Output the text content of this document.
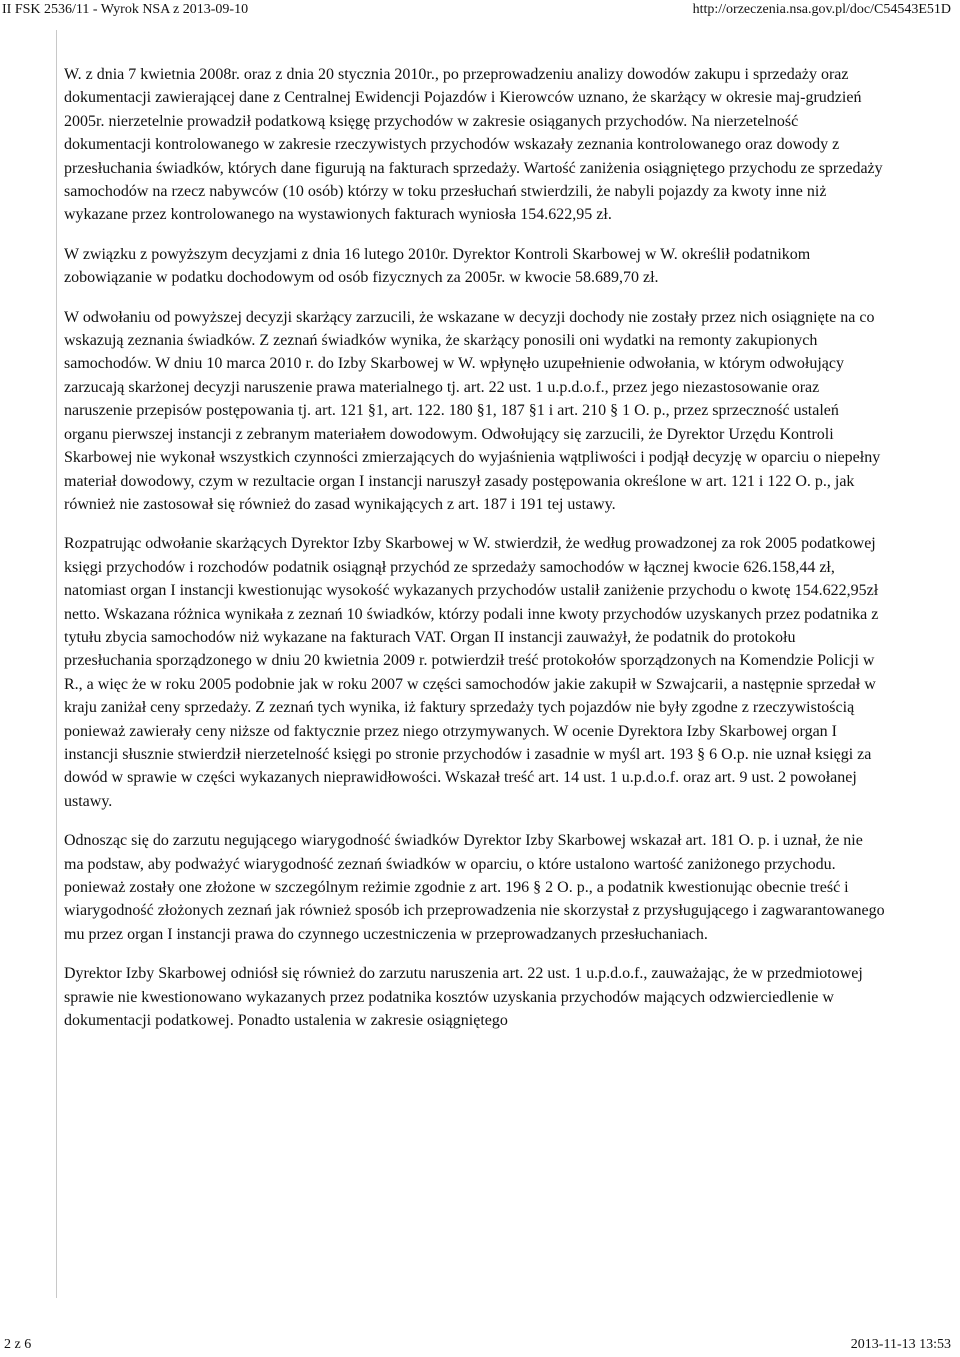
II FSK 2536/11 - Wyrok NSA z 2013-09-10	http://orzeczenia.nsa.gov.pl/doc/C54543E51D

W. z dnia 7 kwietnia 2008r. oraz z dnia 20 stycznia 2010r., po przeprowadzeniu analizy dowodów zakupu i sprzedaży oraz dokumentacji zawierającej dane z Centralnej Ewidencji Pojazdów i Kierowców uznano, że skarżący w okresie maj-grudzień 2005r. nierzetelnie prowadził podatkową księgę przychodów w zakresie osiąganych przychodów. Na nierzetelność dokumentacji kontrolowanego w zakresie rzeczywistych przychodów wskazały zeznania kontrolowanego oraz dowody z przesłuchania świadków, których dane figurują na fakturach sprzedaży. Wartość zaniżenia osiągniętego przychodu ze sprzedaży samochodów na rzecz nabywców (10 osób) którzy w toku przesłuchań stwierdzili, że nabyli pojazdy za kwoty inne niż wykazane przez kontrolowanego na wystawionych fakturach wyniosła 154.622,95 zł.

W związku z powyższym decyzjami z dnia 16 lutego 2010r. Dyrektor Kontroli Skarbowej w W. określił podatnikom zobowiązanie w podatku dochodowym od osób fizycznych za 2005r. w kwocie 58.689,70 zł.

W odwołaniu od powyższej decyzji skarżący zarzucili, że wskazane w decyzji dochody nie zostały przez nich osiągnięte na co wskazują zeznania świadków. Z zeznań świadków wynika, że skarżący ponosili oni wydatki na remonty zakupionych samochodów. W dniu 10 marca 2010 r. do Izby Skarbowej w W. wpłynęło uzupełnienie odwołania, w którym odwołujący zarzucają skarżonej decyzji naruszenie prawa materialnego tj. art. 22 ust. 1 u.p.d.o.f., przez jego niezastosowanie oraz naruszenie przepisów postępowania tj. art. 121 §1, art. 122. 180 §1, 187 §1 i art. 210 § 1 O. p., przez sprzeczność ustaleń organu pierwszej instancji z zebranym materiałem dowodowym. Odwołujący się zarzucili, że Dyrektor Urzędu Kontroli Skarbowej nie wykonał wszystkich czynności zmierzających do wyjaśnienia wątpliwości i podjął decyzję w oparciu o niepełny materiał dowodowy, czym w rezultacie organ I instancji naruszył zasady postępowania określone w art. 121 i 122 O. p., jak również nie zastosował się również do zasad wynikających z art. 187 i 191 tej ustawy.

Rozpatrując odwołanie skarżących Dyrektor Izby Skarbowej w W. stwierdził, że według prowadzonej za rok 2005 podatkowej księgi przychodów i rozchodów podatnik osiągnął przychód ze sprzedaży samochodów w łącznej kwocie 626.158,44 zł, natomiast organ I instancji kwestionując wysokość wykazanych przychodów ustalił zaniżenie przychodu o kwotę 154.622,95zł netto. Wskazana różnica wynikała z zeznań 10 świadków, którzy podali inne kwoty przychodów uzyskanych przez podatnika z tytułu zbycia samochodów niż wykazane na fakturach VAT. Organ II instancji zauważył, że podatnik do protokołu przesłuchania sporządzonego w dniu 20 kwietnia 2009 r. potwierdził treść protokołów sporządzonych na Komendzie Policji w R., a więc że w roku 2005 podobnie jak w roku 2007 w części samochodów jakie zakupił w Szwajcarii, a następnie sprzedał w kraju zaniżał ceny sprzedaży. Z zeznań tych wynika, iż faktury sprzedaży tych pojazdów nie były zgodne z rzeczywistością ponieważ zawierały ceny niższe od faktycznie przez niego otrzymywanych. W ocenie Dyrektora Izby Skarbowej organ I instancji słusznie stwierdził nierzetelność księgi po stronie przychodów i zasadnie w myśl art. 193 § 6 O.p. nie uznał księgi za dowód w sprawie w części wykazanych nieprawidłowości. Wskazał treść art. 14 ust. 1 u.p.d.o.f. oraz art. 9 ust. 2 powołanej ustawy.

Odnosząc się do zarzutu negującego wiarygodność świadków Dyrektor Izby Skarbowej wskazał art. 181 O. p. i uznał, że nie ma podstaw, aby podważyć wiarygodność zeznań świadków w oparciu, o które ustalono wartość zaniżonego przychodu. ponieważ zostały one złożone w szczególnym reżimie zgodnie z art. 196 § 2 O. p., a podatnik kwestionując obecnie treść i wiarygodność złożonych zeznań jak również sposób ich przeprowadzenia nie skorzystał z przysługującego i zagwarantowanego mu przez organ I instancji prawa do czynnego uczestniczenia w przeprowadzanych przesłuchaniach.

Dyrektor Izby Skarbowej odniósł się również do zarzutu naruszenia art. 22 ust. 1 u.p.d.o.f., zauważając, że w przedmiotowej sprawie nie kwestionowano wykazanych przez podatnika kosztów uzyskania przychodów mających odzwierciedlenie w dokumentacji podatkowej. Ponadto ustalenia w zakresie osiągniętego

2 z 6	2013-11-13 13:53
